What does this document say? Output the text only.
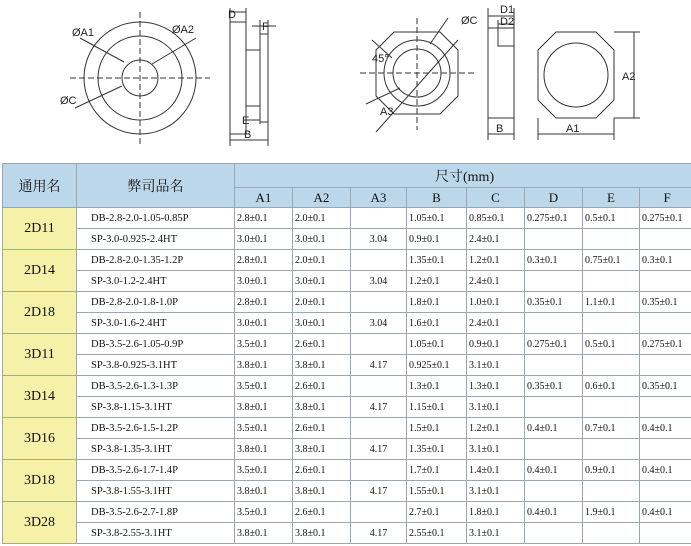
ØA1	ØA2
ØC
D
F
E
B
ØC
D1
D2
45°
A3
B	A1
A2
通用名	弊司品名	尺寸(mm)							
		A1	A2	A3	B	C	D	E	F
2D11	DB-2.8-2.0-1.05-0.85P	2.8±0.1	2.0±0.1		1.05±0.1	0.85±0.1	0.275±0.1	0.5±0.1	0.275±0.1
	SP-3.0-0.925-2.4HT	3.0±0.1	3.0±0.1	3.04	0.9±0.1	2.4±0.1			
2D14	DB-2.8-2.0-1.35-1.2P	2.8±0.1	2.0±0.1		1.35±0.1	1.2±0.1	0.3±0.1	0.75±0.1	0.3±0.1
	SP-3.0-1.2-2.4HT	3.0±0.1	3.0±0.1	3.04	1.2±0.1	2.4±0.1			
2D18	DB-2.8-2.0-1.8-1.0P	2.8±0.1	2.0±0.1		1.8±0.1	1.0±0.1	0.35±0.1	1.1±0.1	0.35±0.1
	SP-3.0-1.6-2.4HT	3.0±0.1	3.0±0.1	3.04	1.6±0.1	2.4±0.1			
3D11	DB-3.5-2.6-1.05-0.9P	3.5±0.1	2.6±0.1		1.05±0.1	0.9±0.1	0.275±0.1	0.5±0.1	0.275±0.1
	SP-3.8-0.925-3.1HT	3.8±0.1	3.8±0.1	4.17	0.925±0.1	3.1±0.1			
3D14	DB-3.5-2.6-1.3-1.3P	3.5±0.1	2.6±0.1		1.3±0.1	1.3±0.1	0.35±0.1	0.6±0.1	0.35±0.1
	SP-3.8-1.15-3.1HT	3.8±0.1	3.8±0.1	4.17	1.15±0.1	3.1±0.1			
3D16	DB-3.5-2.6-1.5-1.2P	3.5±0.1	2.6±0.1		1.5±0.1	1.2±0.1	0.4±0.1	0.7±0.1	0.4±0.1
	SP-3.8-1.35-3.1HT	3.8±0.1	3.8±0.1	4.17	1.35±0.1	3.1±0.1			
3D18	DB-3.5-2.6-1.7-1.4P	3.5±0.1	2.6±0.1		1.7±0.1	1.4±0.1	0.4±0.1	0.9±0.1	0.4±0.1
	SP-3.8-1.55-3.1HT	3.8±0.1	3.8±0.1	4.17	1.55±0.1	3.1±0.1			
3D28	DB-3.5-2.6-2.7-1.8P	3.5±0.1	2.6±0.1		2.7±0.1	1.8±0.1	0.4±0.1	1.9±0.1	0.4±0.1
	SP-3.8-2.55-3.1HT	3.8±0.1	3.8±0.1	4.17	2.55±0.1	3.1±0.1			
